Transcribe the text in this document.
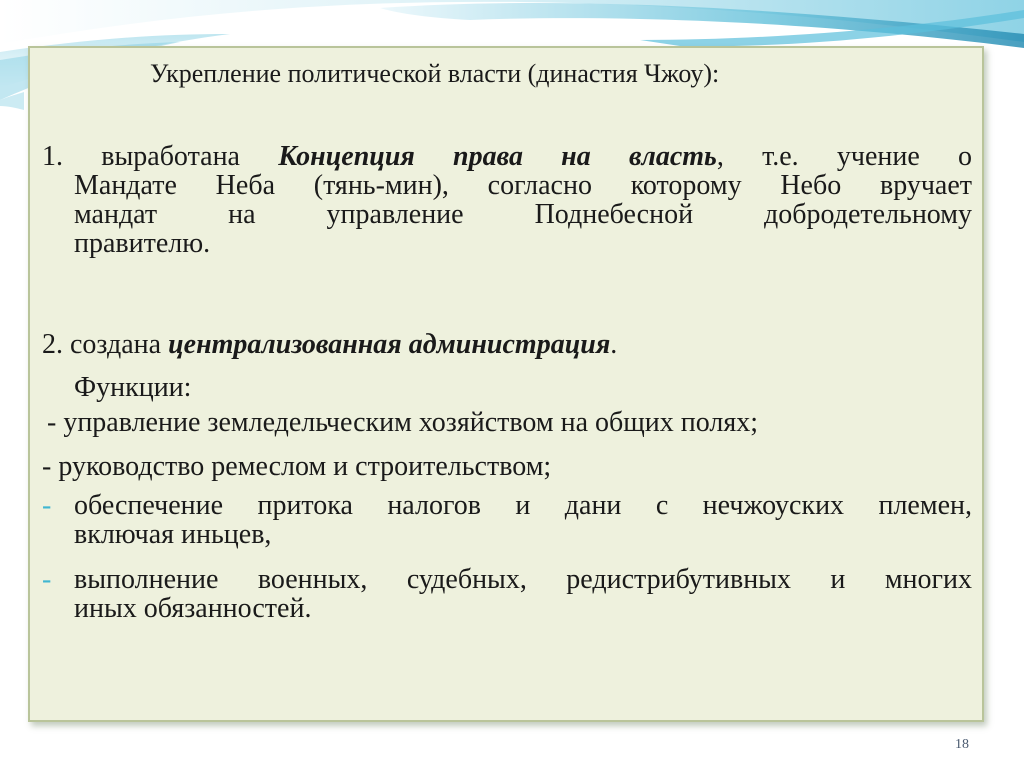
Укрепление политической власти (династия Чжоу):
1. выработана Концепция права на власть, т.е. учение о
Мандате Неба (тянь-мин), согласно которому Небо вручает
мандат на управление Поднебесной добродетельному
правителю.
2. создана централизованная администрация.
Функции:
- управление земледельческим хозяйством на общих полях;
- руководство ремеслом и строительством;
- обеспечение притока налогов и дани с нечжоуских племен,
включая иньцев,
- выполнение военных, судебных, редистрибутивных и многих
иных обязанностей.
18
